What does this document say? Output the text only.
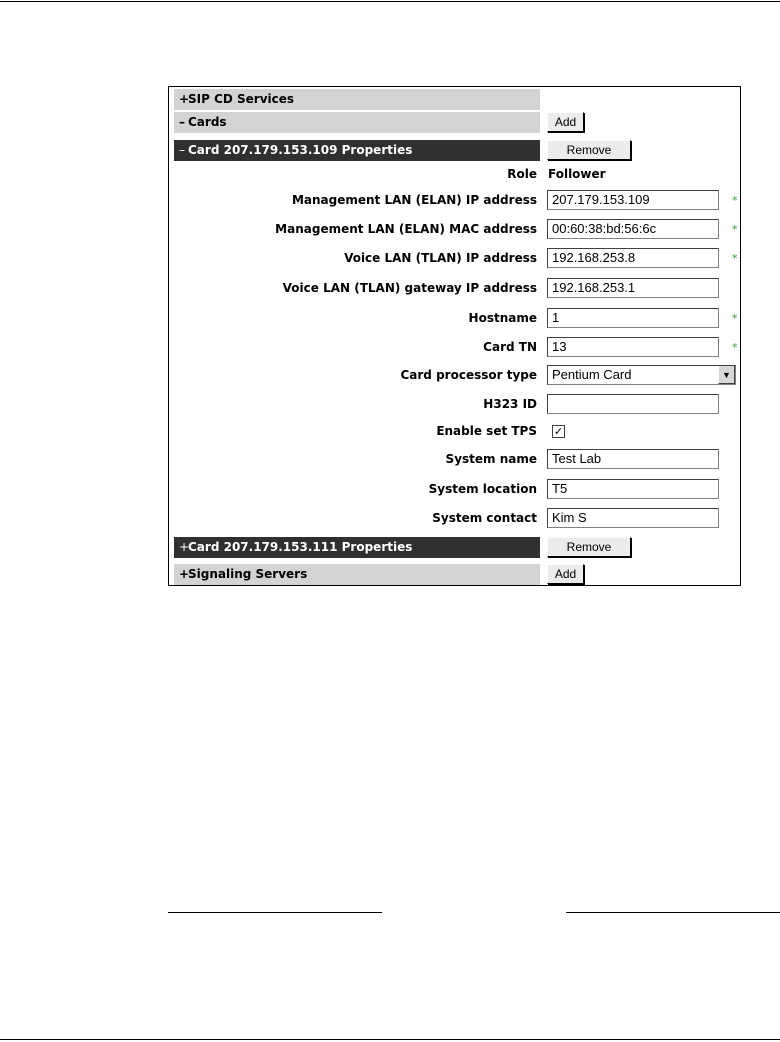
+SIP CD Services
– Cards	Add
– Card 207.179.153.109 Properties	Remove
Role Follower
Management LAN (ELAN) IP address	207.179.153.109	*
Management LAN (ELAN) MAC address	00:60:38:bd:56:6c	*
Voice LAN (TLAN) IP address	192.168.253.8	*
Voice LAN (TLAN) gateway IP address	192.168.253.1
Hostname	1	*
Card TN	13	*
Card processor type	Pentium Card	▼
H323 ID
Enable set TPS ✓
System name	Test Lab
System location	T5
System contact	Kim S
+Card 207.179.153.111 Properties	Remove
+Signaling Servers	Add
